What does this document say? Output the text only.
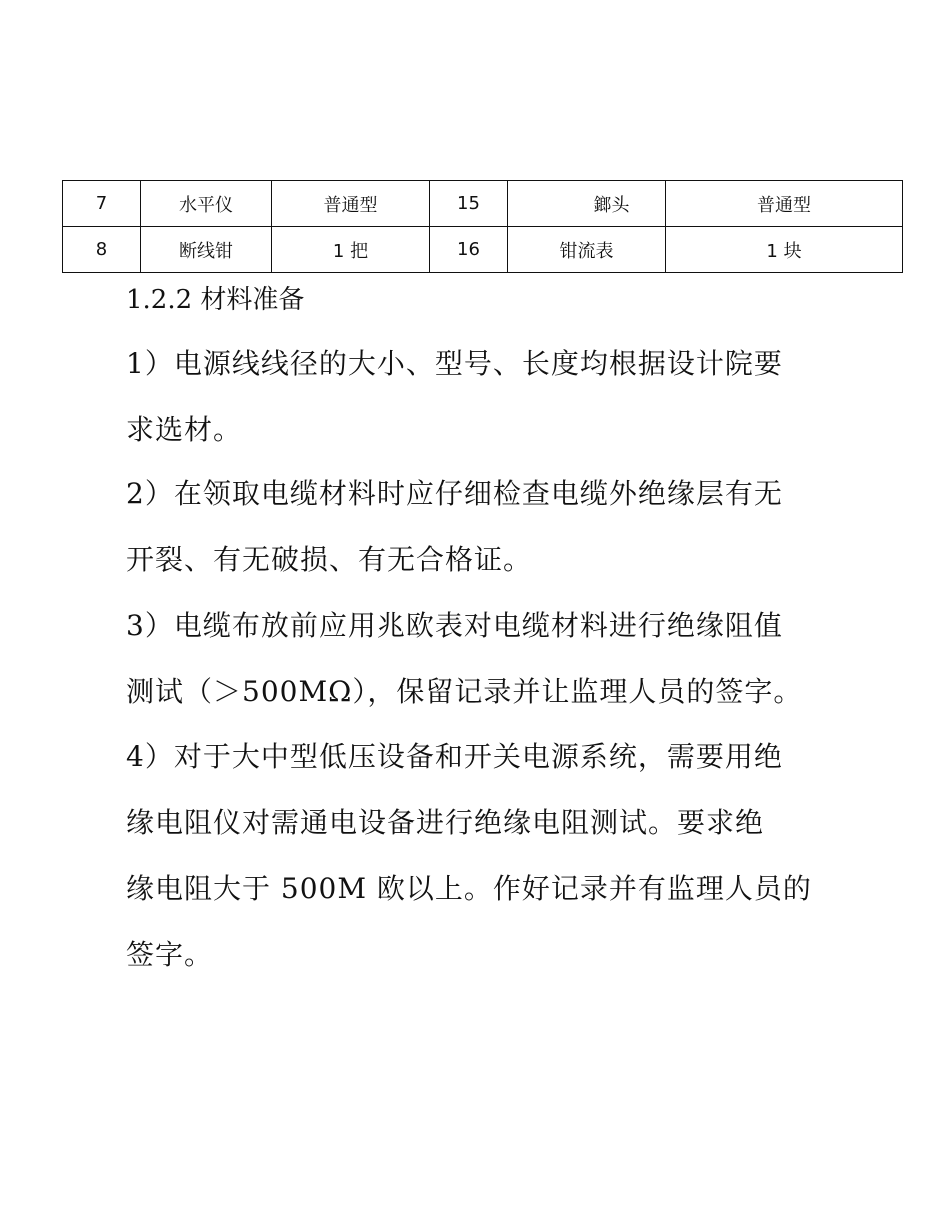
7	水平仪	普通型	15	鎯头	普通型
8	断线钳	1 把	16	钳流表	1 块
1.2.2 材料准备
1）电源线线径的大小、型号、长度均根据设计院要
求选材。
2）在领取电缆材料时应仔细检查电缆外绝缘层有无
开裂、有无破损、有无合格证。
3）电缆布放前应用兆欧表对电缆材料进行绝缘阻值
测试（＞500MΩ），保留记录并让监理人员的签字。
4）对于大中型低压设备和开关电源系统，需要用绝
缘电阻仪对需通电设备进行绝缘电阻测试。要求绝
缘电阻大于 500M 欧以上。作好记录并有监理人员的
签字。
